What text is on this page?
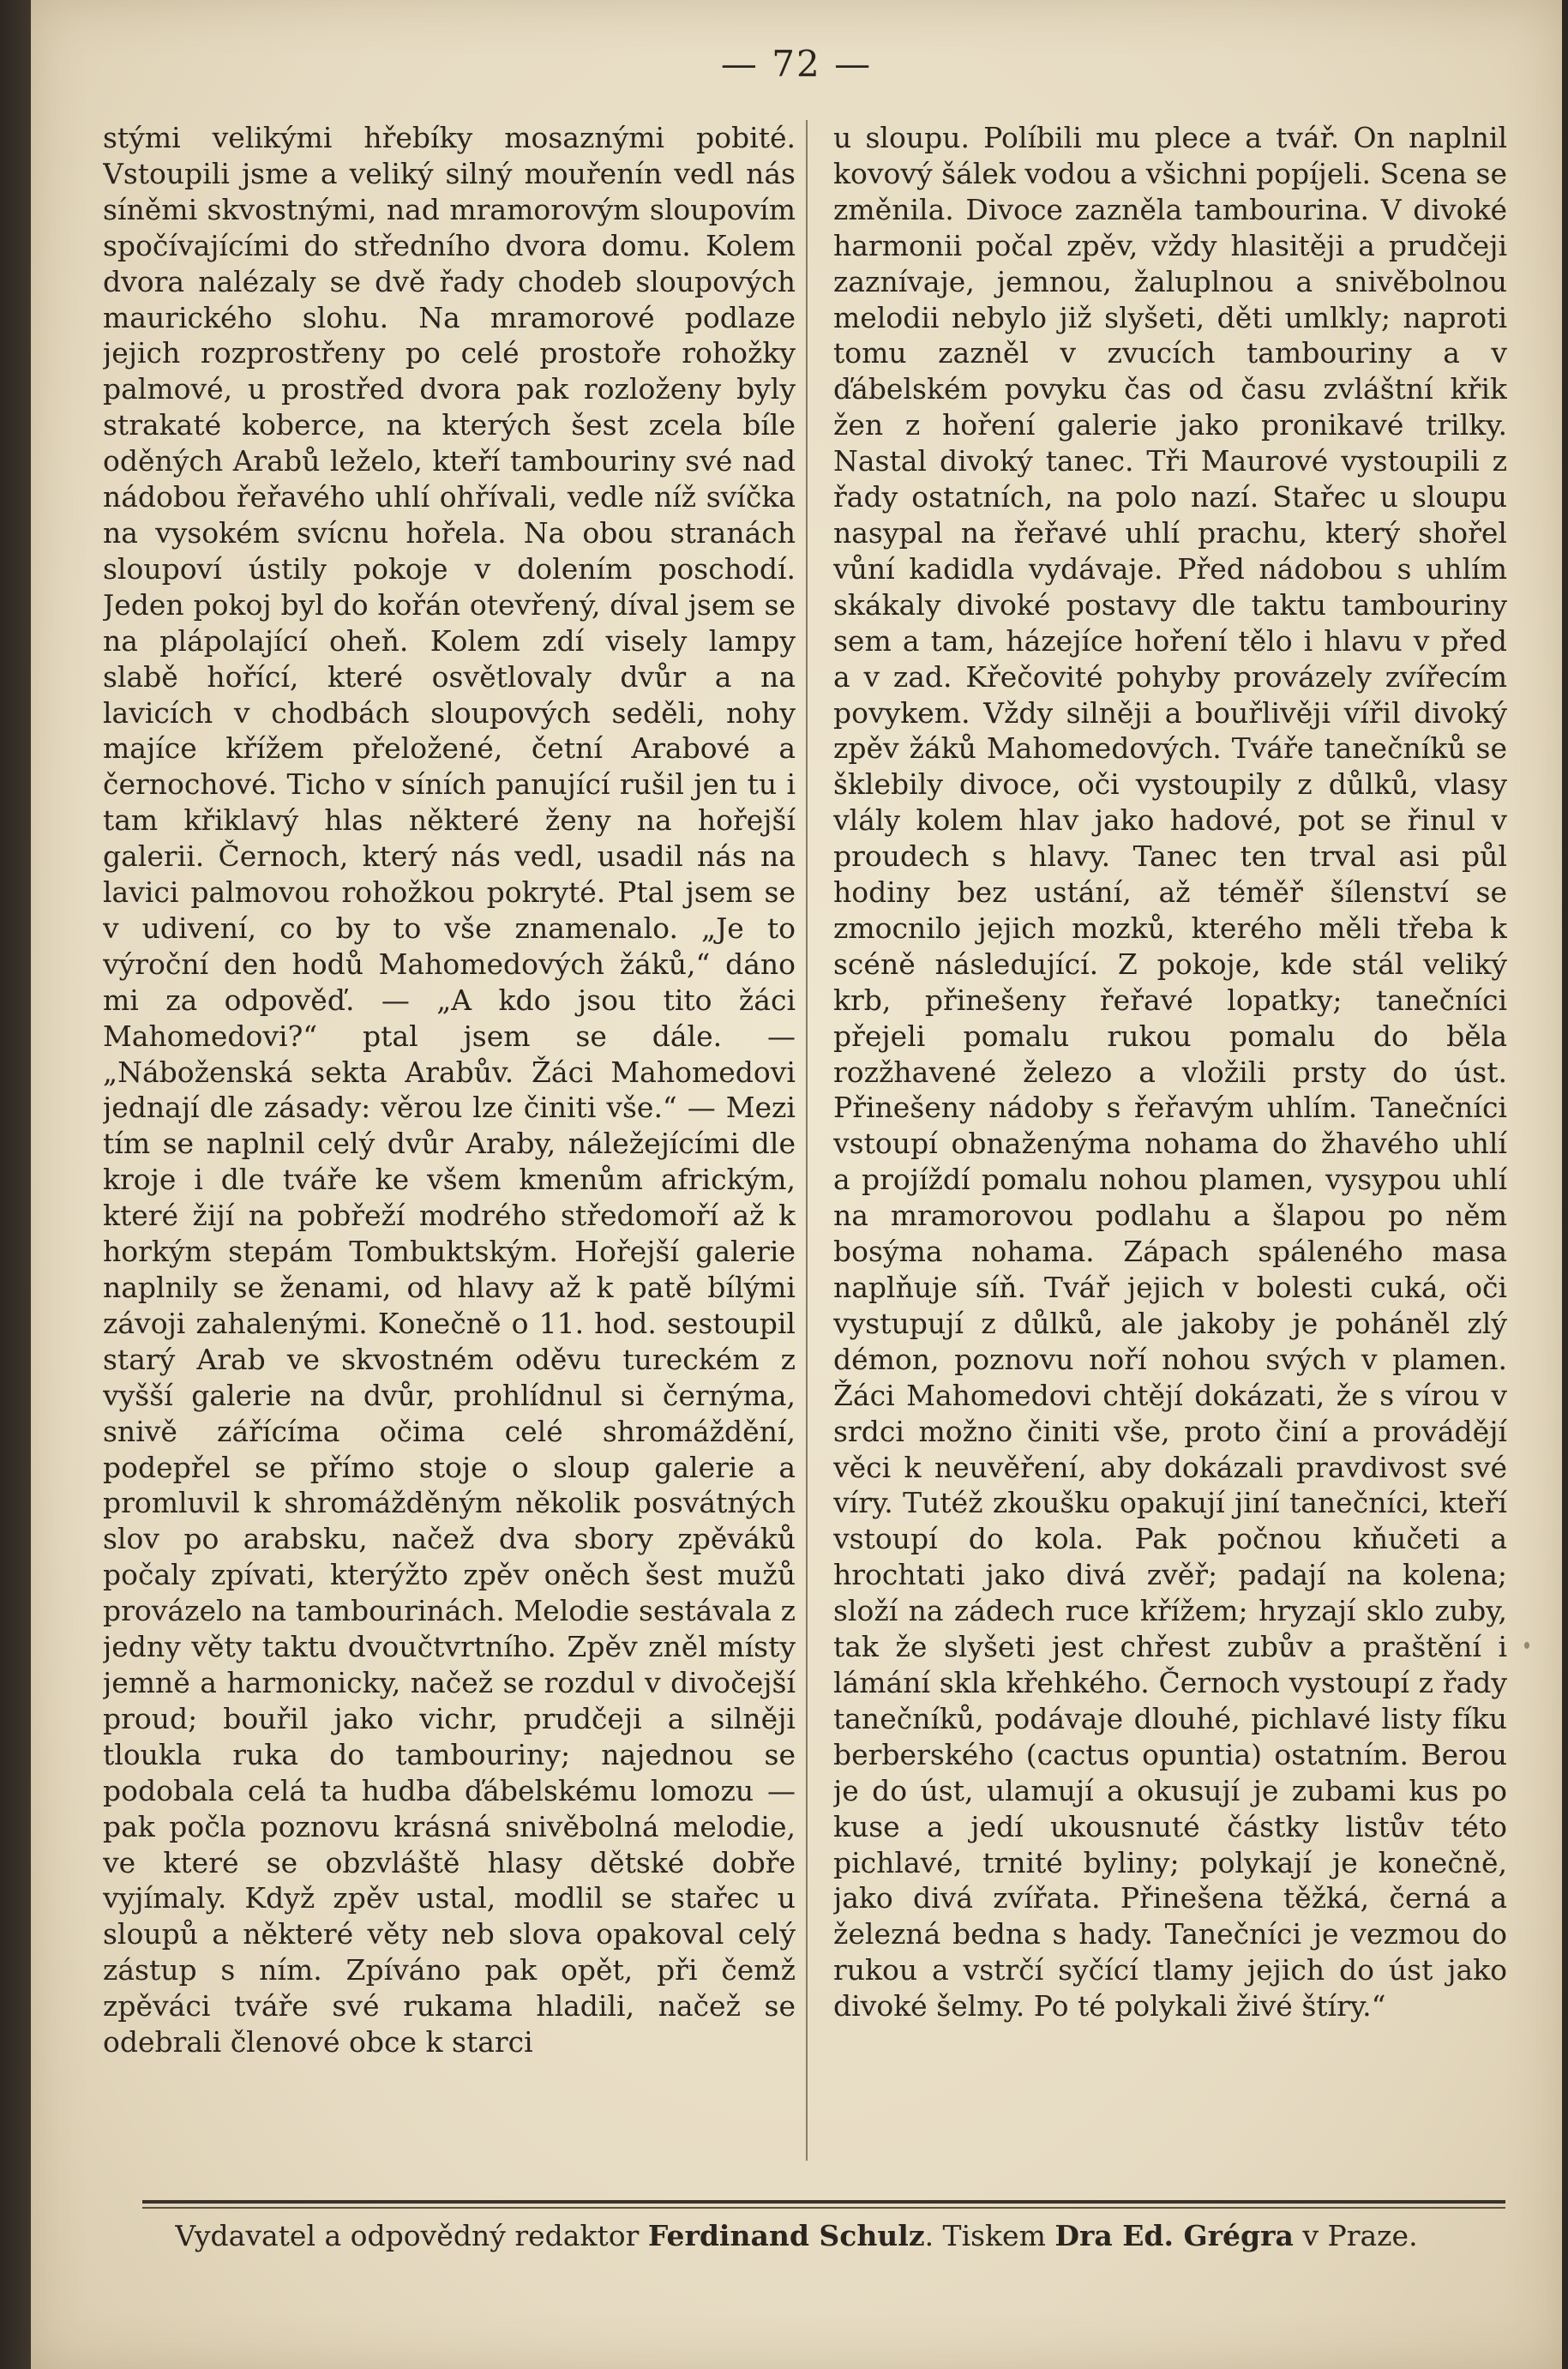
— 72 —

stými velikými hřebíky mosaznými pobité. Vstoupili jsme a veliký silný mouřenín vedl nás síněmi skvostnými, nad mramorovým sloupovím spočívajícími do středního dvora domu. Kolem dvora nalézaly se dvě řady chodeb sloupových maurického slohu. Na mramorové podlaze jejich rozprostřeny po celé prostoře rohožky palmové, u prostřed dvora pak rozloženy byly strakaté koberce, na kterých šest zcela bíle oděných Arabů leželo, kteří tambouriny své nad nádobou řeřavého uhlí ohřívali, vedle níž svíčka na vysokém svícnu hořela. Na obou stranách sloupoví ústily pokoje v dolením poschodí. Jeden pokoj byl do kořán otevřený, díval jsem se na plápolající oheň. Kolem zdí visely lampy slabě hořící, které osvětlovaly dvůr a na lavicích v chodbách sloupových seděli, nohy majíce křížem přeložené, četní Arabové a černochové. Ticho v síních panující rušil jen tu i tam křiklavý hlas některé ženy na hořejší galerii. Černoch, který nás vedl, usadil nás na lavici palmovou rohožkou pokryté. Ptal jsem se v udivení, co by to vše znamenalo. „Je to výroční den hodů Mahomedových žáků,“ dáno mi za odpověď. — „A kdo jsou tito žáci Mahomedovi?“ ptal jsem se dále. — „Náboženská sekta Arabův. Žáci Mahomedovi jednají dle zásady: věrou lze činiti vše.“ — Mezi tím se naplnil celý dvůr Araby, náležejícími dle kroje i dle tváře ke všem kmenům africkým, které žijí na pobřeží modrého středomoří až k horkým stepám Tombuktským. Hořejší galerie naplnily se ženami, od hlavy až k patě bílými závoji zahalenými. Konečně o 11. hod. sestoupil starý Arab ve skvostném oděvu tureckém z vyšší galerie na dvůr, prohlídnul si černýma, snivě zářícíma očima celé shromáždění, podepřel se přímo stoje o sloup galerie a promluvil k shromážděným několik posvátných slov po arabsku, načež dva sbory zpěváků počaly zpívati, kterýžto zpěv oněch šest mužů provázelo na tambourinách. Melodie sestávala z jedny věty taktu dvoučtvrtního. Zpěv zněl místy jemně a harmonicky, načež se rozdul v divočejší proud; bouřil jako vichr, prudčeji a silněji tloukla ruka do tambouriny; najednou se podobala celá ta hudba ďábelskému lomozu — pak počla poznovu krásná snivěbolná melodie, ve které se obzvláště hlasy dětské dobře vyjímaly. Když zpěv ustal, modlil se stařec u sloupů a některé věty neb slova opakoval celý zástup s ním. Zpíváno pak opět, při čemž zpěváci tváře své rukama hladili, načež se odebrali členové obce k starci

u sloupu. Políbili mu plece a tvář. On naplnil kovový šálek vodou a všichni popíjeli. Scena se změnila. Divoce zazněla tambourina. V divoké harmonii počal zpěv, vždy hlasitěji a prudčeji zaznívaje, jemnou, žaluplnou a snivěbolnou melodii nebylo již slyšeti, děti umlkly; naproti tomu zazněl v zvucích tambouriny a v ďábelském povyku čas od času zvláštní křik žen z hoření galerie jako pronikavé trilky. Nastal divoký tanec. Tři Maurové vystoupili z řady ostatních, na polo nazí. Stařec u sloupu nasypal na řeřavé uhlí prachu, který shořel vůní kadidla vydávaje. Před nádobou s uhlím skákaly divoké postavy dle taktu tambouriny sem a tam, házejíce hoření tělo i hlavu v před a v zad. Křečovité pohyby provázely zvířecím povykem. Vždy silněji a bouřlivěji vířil divoký zpěv žáků Mahomedových. Tváře tanečníků se šklebily divoce, oči vystoupily z důlků, vlasy vlály kolem hlav jako hadové, pot se řinul v proudech s hlavy. Tanec ten trval asi půl hodiny bez ustání, až téměř šílenství se zmocnilo jejich mozků, kterého měli třeba k scéně následující. Z pokoje, kde stál veliký krb, přinešeny řeřavé lopatky; tanečníci přejeli pomalu rukou pomalu do běla rozžhavené železo a vložili prsty do úst. Přinešeny nádoby s řeřavým uhlím. Tanečníci vstoupí obnaženýma nohama do žhavého uhlí a projíždí pomalu nohou plamen, vysypou uhlí na mramorovou podlahu a šlapou po něm bosýma nohama. Zápach spáleného masa naplňuje síň. Tvář jejich v bolesti cuká, oči vystupují z důlků, ale jakoby je poháněl zlý démon, poznovu noří nohou svých v plamen. Žáci Mahomedovi chtějí dokázati, že s vírou v srdci možno činiti vše, proto činí a provádějí věci k neuvěření, aby dokázali pravdivost své víry. Tutéž zkoušku opakují jiní tanečníci, kteří vstoupí do kola. Pak počnou kňučeti a hrochtati jako divá zvěř; padají na kolena; složí na zádech ruce křížem; hryzají sklo zuby, tak že slyšeti jest chřest zubův a praštění i lámání skla křehkého. Černoch vystoupí z řady tanečníků, podávaje dlouhé, pichlavé listy fíku berberského (cactus opuntia) ostatním. Berou je do úst, ulamují a okusují je zubami kus po kuse a jedí ukousnuté částky listův této pichlavé, trnité byliny; polykají je konečně, jako divá zvířata. Přinešena těžká, černá a železná bedna s hady. Tanečníci je vezmou do rukou a vstrčí syčící tlamy jejich do úst jako divoké šelmy. Po té polykali živé štíry.“

Vydavatel a odpovědný redaktor Ferdinand Schulz. Tiskem Dra Ed. Grégra v Praze.
